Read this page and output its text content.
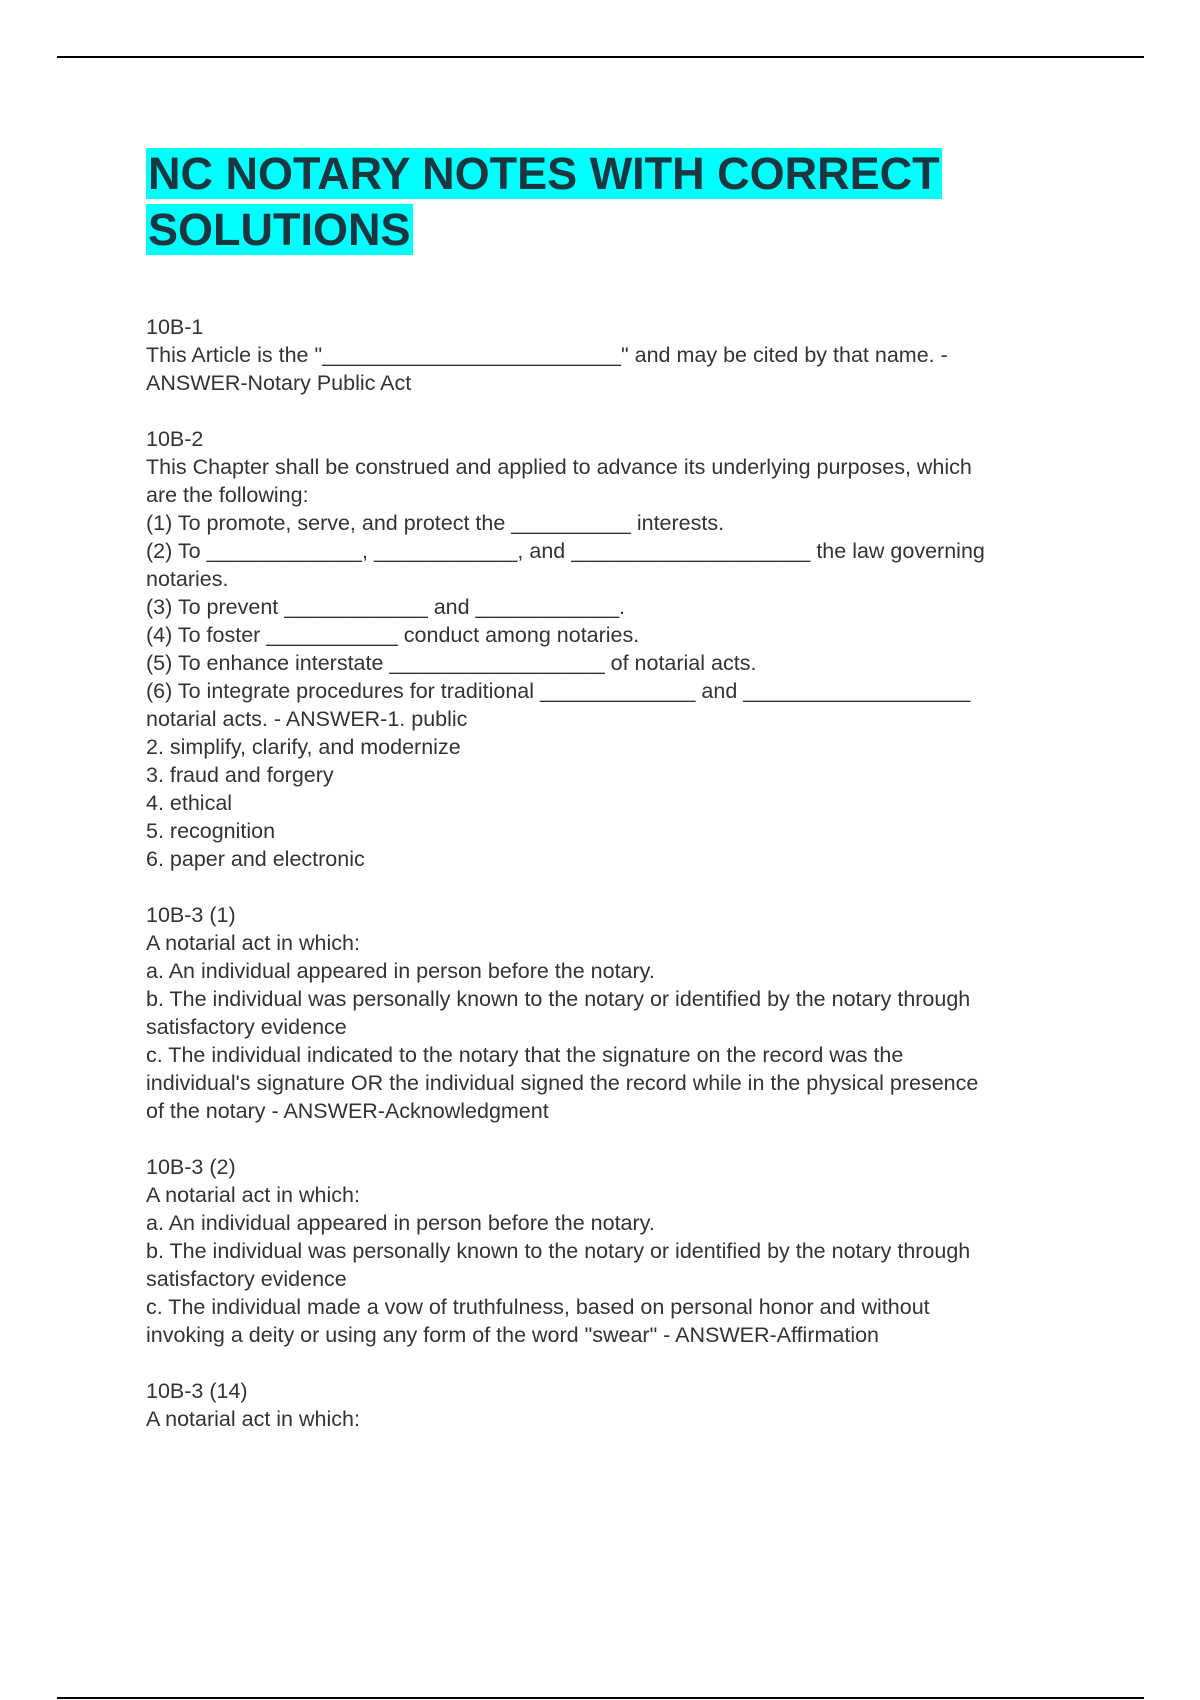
NC NOTARY NOTES WITH CORRECT
SOLUTIONS
10B-1
This Article is the "_________________________" and may be cited by that name. -
ANSWER-Notary Public Act
10B-2
This Chapter shall be construed and applied to advance its underlying purposes, which
are the following:
(1) To promote, serve, and protect the __________ interests.
(2) To _____________, ____________, and ____________________ the law governing
notaries.
(3) To prevent ____________ and ____________.
(4) To foster ___________ conduct among notaries.
(5) To enhance interstate __________________ of notarial acts.
(6) To integrate procedures for traditional _____________ and ___________________
notarial acts. - ANSWER-1. public
2. simplify, clarify, and modernize
3. fraud and forgery
4. ethical
5. recognition
6. paper and electronic
10B-3 (1)
A notarial act in which:
a. An individual appeared in person before the notary.
b. The individual was personally known to the notary or identified by the notary through
satisfactory evidence
c. The individual indicated to the notary that the signature on the record was the
individual's signature OR the individual signed the record while in the physical presence
of the notary - ANSWER-Acknowledgment
10B-3 (2)
A notarial act in which:
a. An individual appeared in person before the notary.
b. The individual was personally known to the notary or identified by the notary through
satisfactory evidence
c. The individual made a vow of truthfulness, based on personal honor and without
invoking a deity or using any form of the word "swear" - ANSWER-Affirmation
10B-3 (14)
A notarial act in which:
